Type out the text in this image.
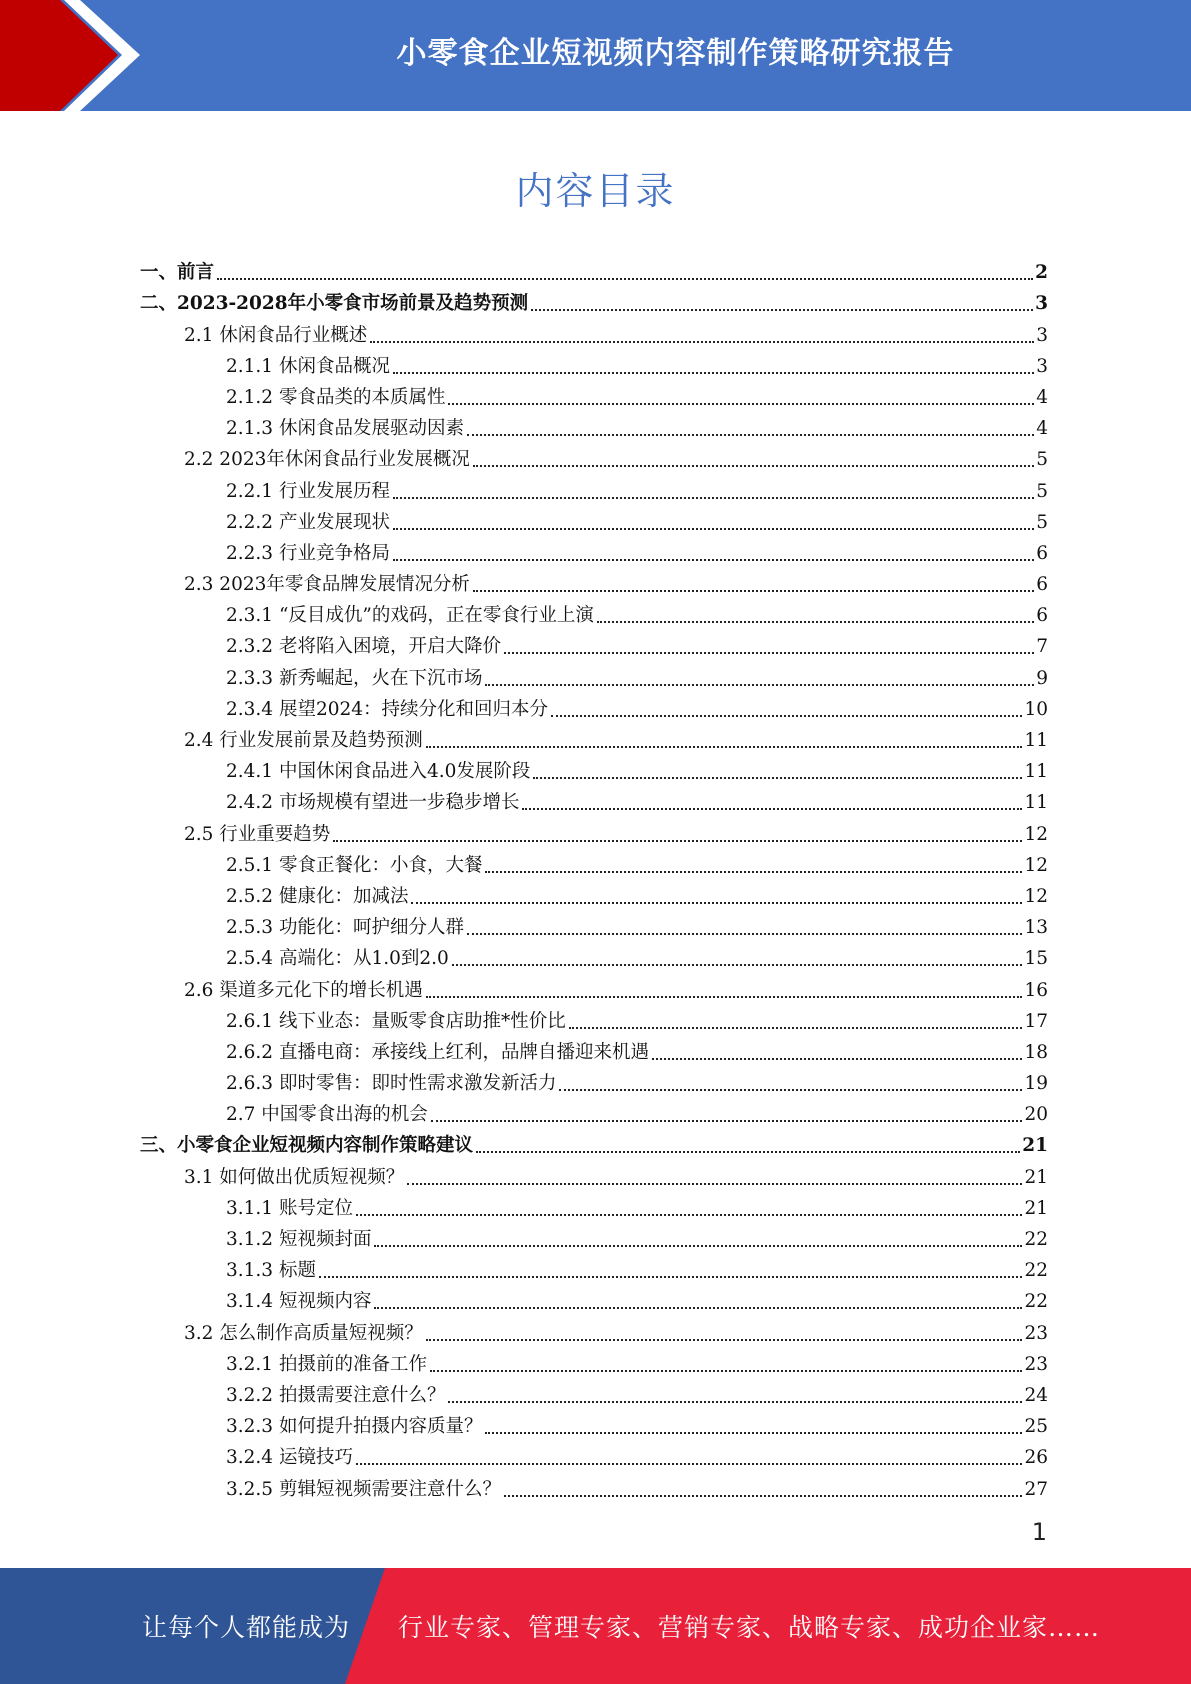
小零食企业短视频内容制作策略研究报告
内容目录
一、前言	2
二、2023-2028年小零食市场前景及趋势预测	3
2.1 休闲食品行业概述	3
2.1.1 休闲食品概况	3
2.1.2 零食品类的本质属性	4
2.1.3 休闲食品发展驱动因素	4
2.2 2023年休闲食品行业发展概况	5
2.2.1 行业发展历程	5
2.2.2 产业发展现状	5
2.2.3 行业竞争格局	6
2.3 2023年零食品牌发展情况分析	6
2.3.1 “反目成仇”的戏码，正在零食行业上演	6
2.3.2 老将陷入困境，开启大降价	7
2.3.3 新秀崛起，火在下沉市场	9
2.3.4 展望2024：持续分化和回归本分	10
2.4 行业发展前景及趋势预测	11
2.4.1 中国休闲食品进入4.0发展阶段	11
2.4.2 市场规模有望进一步稳步增长	11
2.5 行业重要趋势	12
2.5.1 零食正餐化：小食，大餐	12
2.5.2 健康化：加减法	12
2.5.3 功能化：呵护细分人群	13
2.5.4 高端化：从1.0到2.0	15
2.6 渠道多元化下的增长机遇	16
2.6.1 线下业态：量贩零食店助推*性价比	17
2.6.2 直播电商：承接线上红利，品牌自播迎来机遇	18
2.6.3 即时零售：即时性需求激发新活力	19
2.7 中国零食出海的机会	20
三、小零食企业短视频内容制作策略建议	21
3.1 如何做出优质短视频？	21
3.1.1 账号定位	21
3.1.2 短视频封面	22
3.1.3 标题	22
3.1.4 短视频内容	22
3.2 怎么制作高质量短视频？	23
3.2.1 拍摄前的准备工作	23
3.2.2 拍摄需要注意什么？	24
3.2.3 如何提升拍摄内容质量？	25
3.2.4 运镜技巧	26
3.2.5 剪辑短视频需要注意什么？	27
1
让每个人都能成为 行业专家、管理专家、营销专家、战略专家、成功企业家……
